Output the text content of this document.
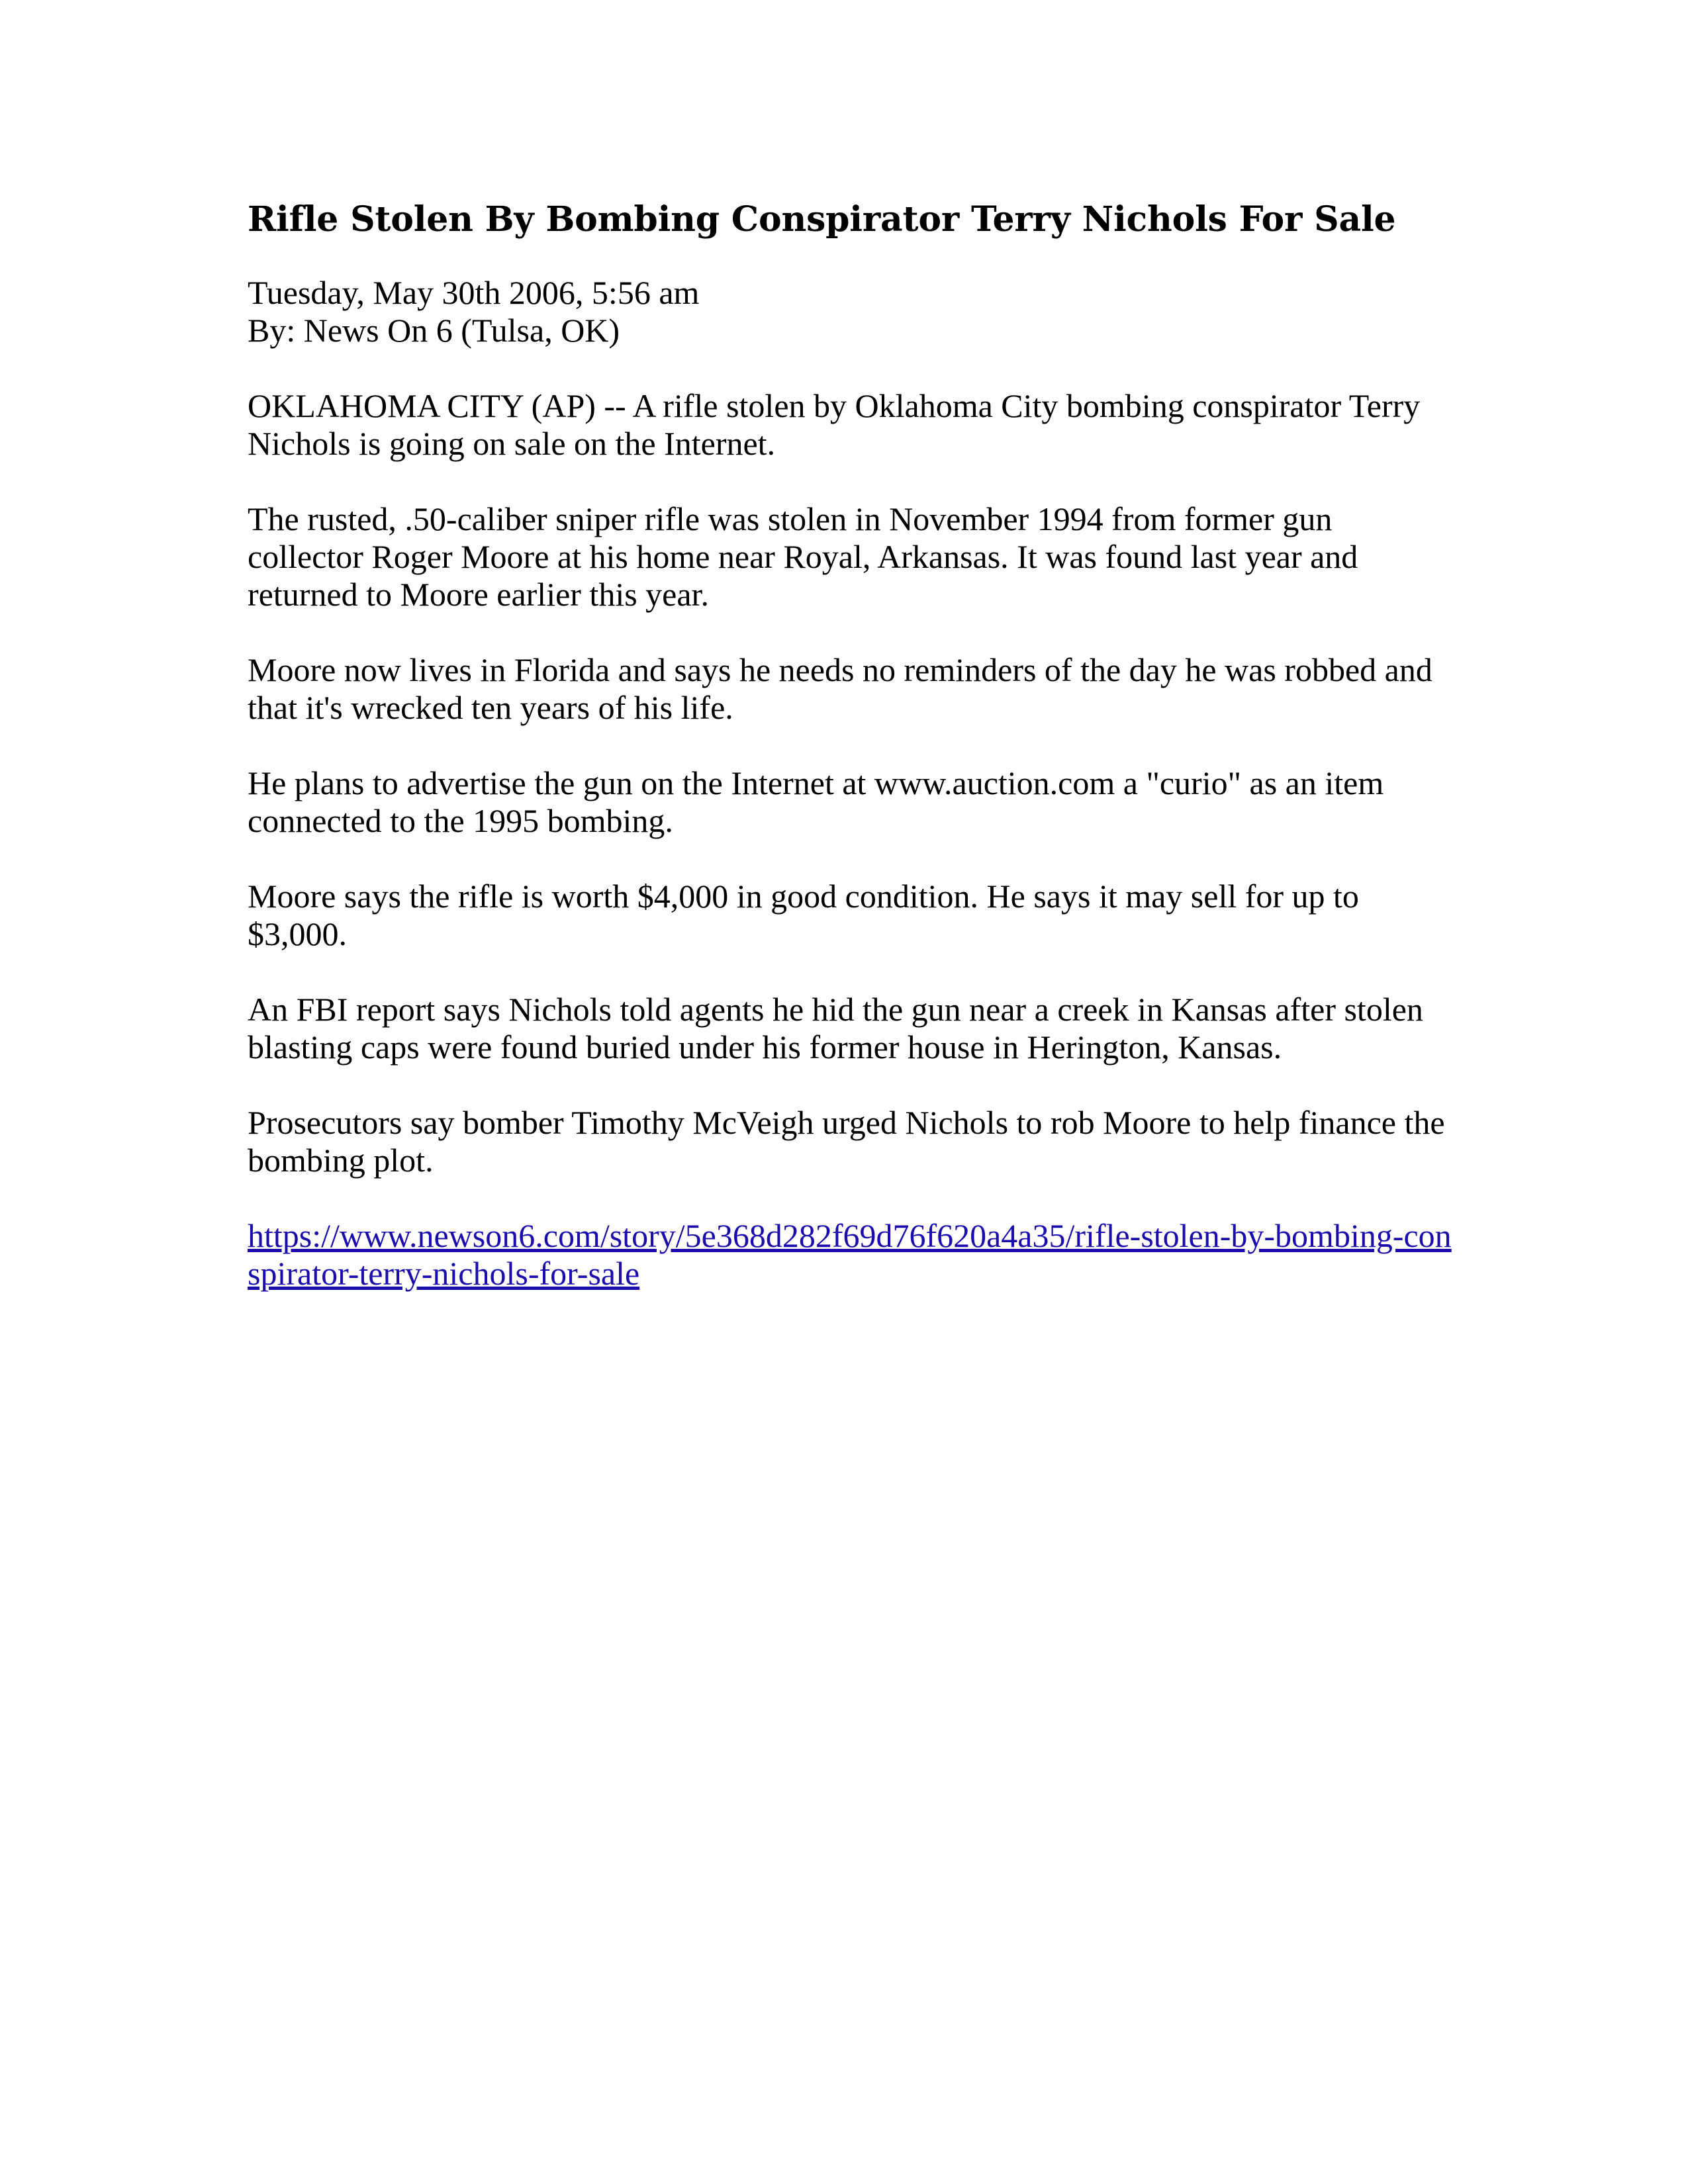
Rifle Stolen By Bombing Conspirator Terry Nichols For Sale
Tuesday, May 30th 2006, 5:56 am
By: News On 6 (Tulsa, OK)

OKLAHOMA CITY (AP) -- A rifle stolen by Oklahoma City bombing conspirator Terry Nichols is going on sale on the Internet.

The rusted, .50-caliber sniper rifle was stolen in November 1994 from former gun collector Roger Moore at his home near Royal, Arkansas. It was found last year and returned to Moore earlier this year.

Moore now lives in Florida and says he needs no reminders of the day he was robbed and that it's wrecked ten years of his life.

He plans to advertise the gun on the Internet at www.auction.com a "curio" as an item connected to the 1995 bombing.

Moore says the rifle is worth $4,000 in good condition. He says it may sell for up to $3,000.

An FBI report says Nichols told agents he hid the gun near a creek in Kansas after stolen blasting caps were found buried under his former house in Herington, Kansas.

Prosecutors say bomber Timothy McVeigh urged Nichols to rob Moore to help finance the bombing plot.

https://www.newson6.com/story/5e368d282f69d76f620a4a35/rifle-stolen-by-bombing-conspirator-terry-nichols-for-sale
